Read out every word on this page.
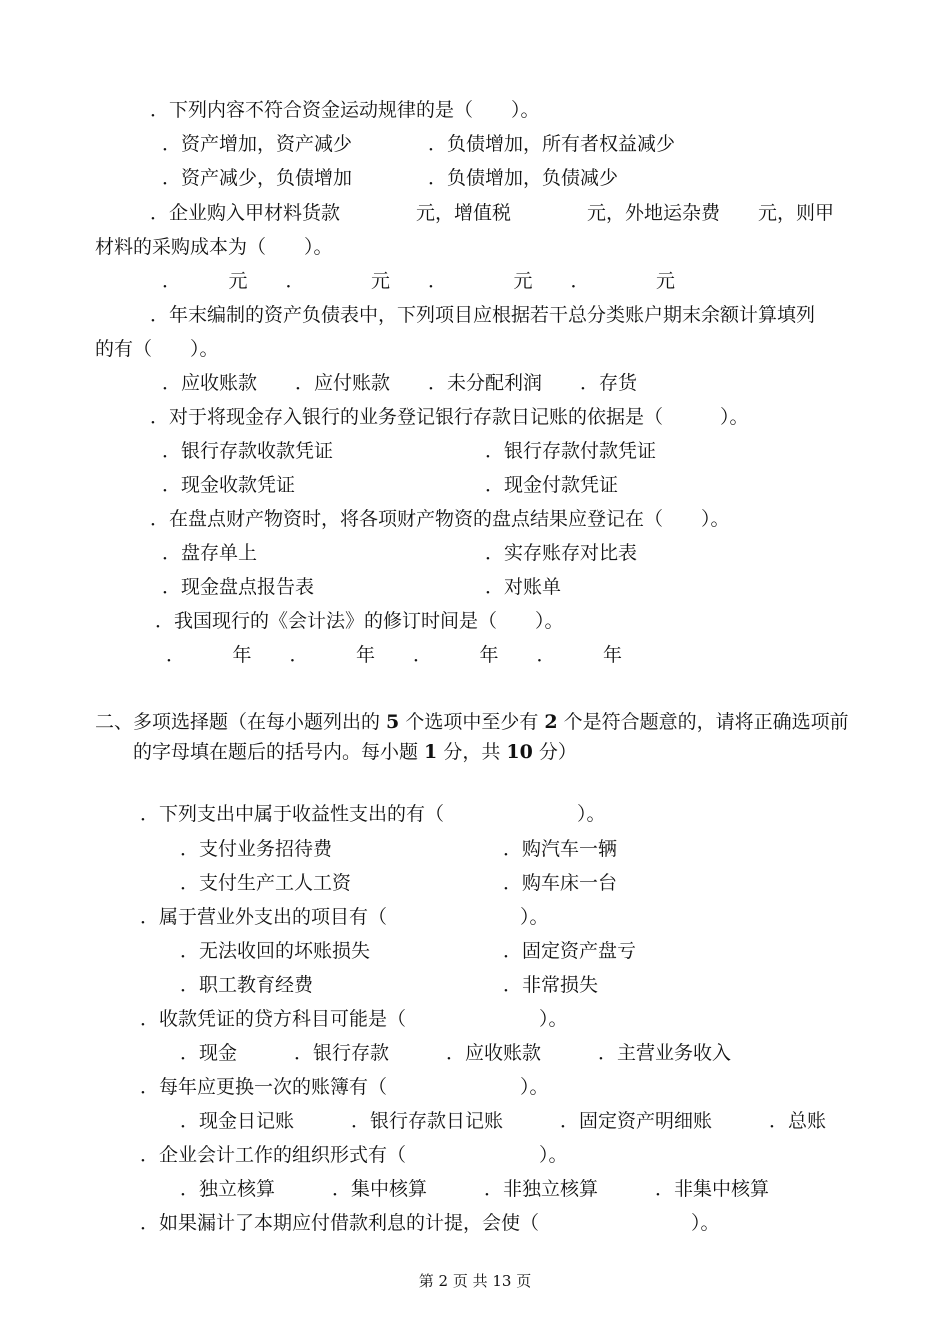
．下列内容不符合资金运动规律的是（　　）。

．资产增加，资产减少　　　　．负债增加，所有者权益减少

．资产减少，负债增加　　　　．负债增加，负债减少

．企业购入甲材料货款　　　　元，增值税　　　　元，外地运杂费　　元，则甲

材料的采购成本为（　　）。

．　　　元　　．　　　　元　　．　　　　元　　．　　　　元

．年末编制的资产负债表中，下列项目应根据若干总分类账户期末余额计算填列

的有（　　）。

．应收账款　　．应付账款　　．未分配利润　　．存货

．对于将现金存入银行的业务登记银行存款日记账的依据是（　　　）。

．银行存款收款凭证　　　　　　　　．银行存款付款凭证

．现金收款凭证　　　　　　　　　　．现金付款凭证

．在盘点财产物资时，将各项财产物资的盘点结果应登记在（　　）。

．盘存单上　　　　　　　　　　　　．实存账存对比表

．现金盘点报告表　　　　　　　　　．对账单

．我国现行的《会计法》的修订时间是（　　）。

．　　　年　　．　　　年　　．　　　年　　．　　　年

二、多项选择题（在每小题列出的 5 个选项中至少有 2 个是符合题意的，请将正确选项前

的字母填在题后的括号内。每小题 1 分，共 10 分）

．下列支出中属于收益性支出的有（　　　　　　　）。

．支付业务招待费　　　　　　　　　．购汽车一辆

．支付生产工人工资　　　　　　　　．购车床一台

．属于营业外支出的项目有（　　　　　　　）。

．无法收回的坏账损失　　　　　　　．固定资产盘亏

．职工教育经费　　　　　　　　　　．非常损失

．收款凭证的贷方科目可能是（　　　　　　　）。

．现金　　　．银行存款　　　．应收账款　　　．主营业务收入

．每年应更换一次的账簿有（　　　　　　　）。

．现金日记账　　　．银行存款日记账　　　．固定资产明细账　　　．总账

．企业会计工作的组织形式有（　　　　　　　）。

．独立核算　　　．集中核算　　　．非独立核算　　　．非集中核算

．如果漏计了本期应付借款利息的计提，会使（　　　　　　　　）。

第 2 页 共 13 页
